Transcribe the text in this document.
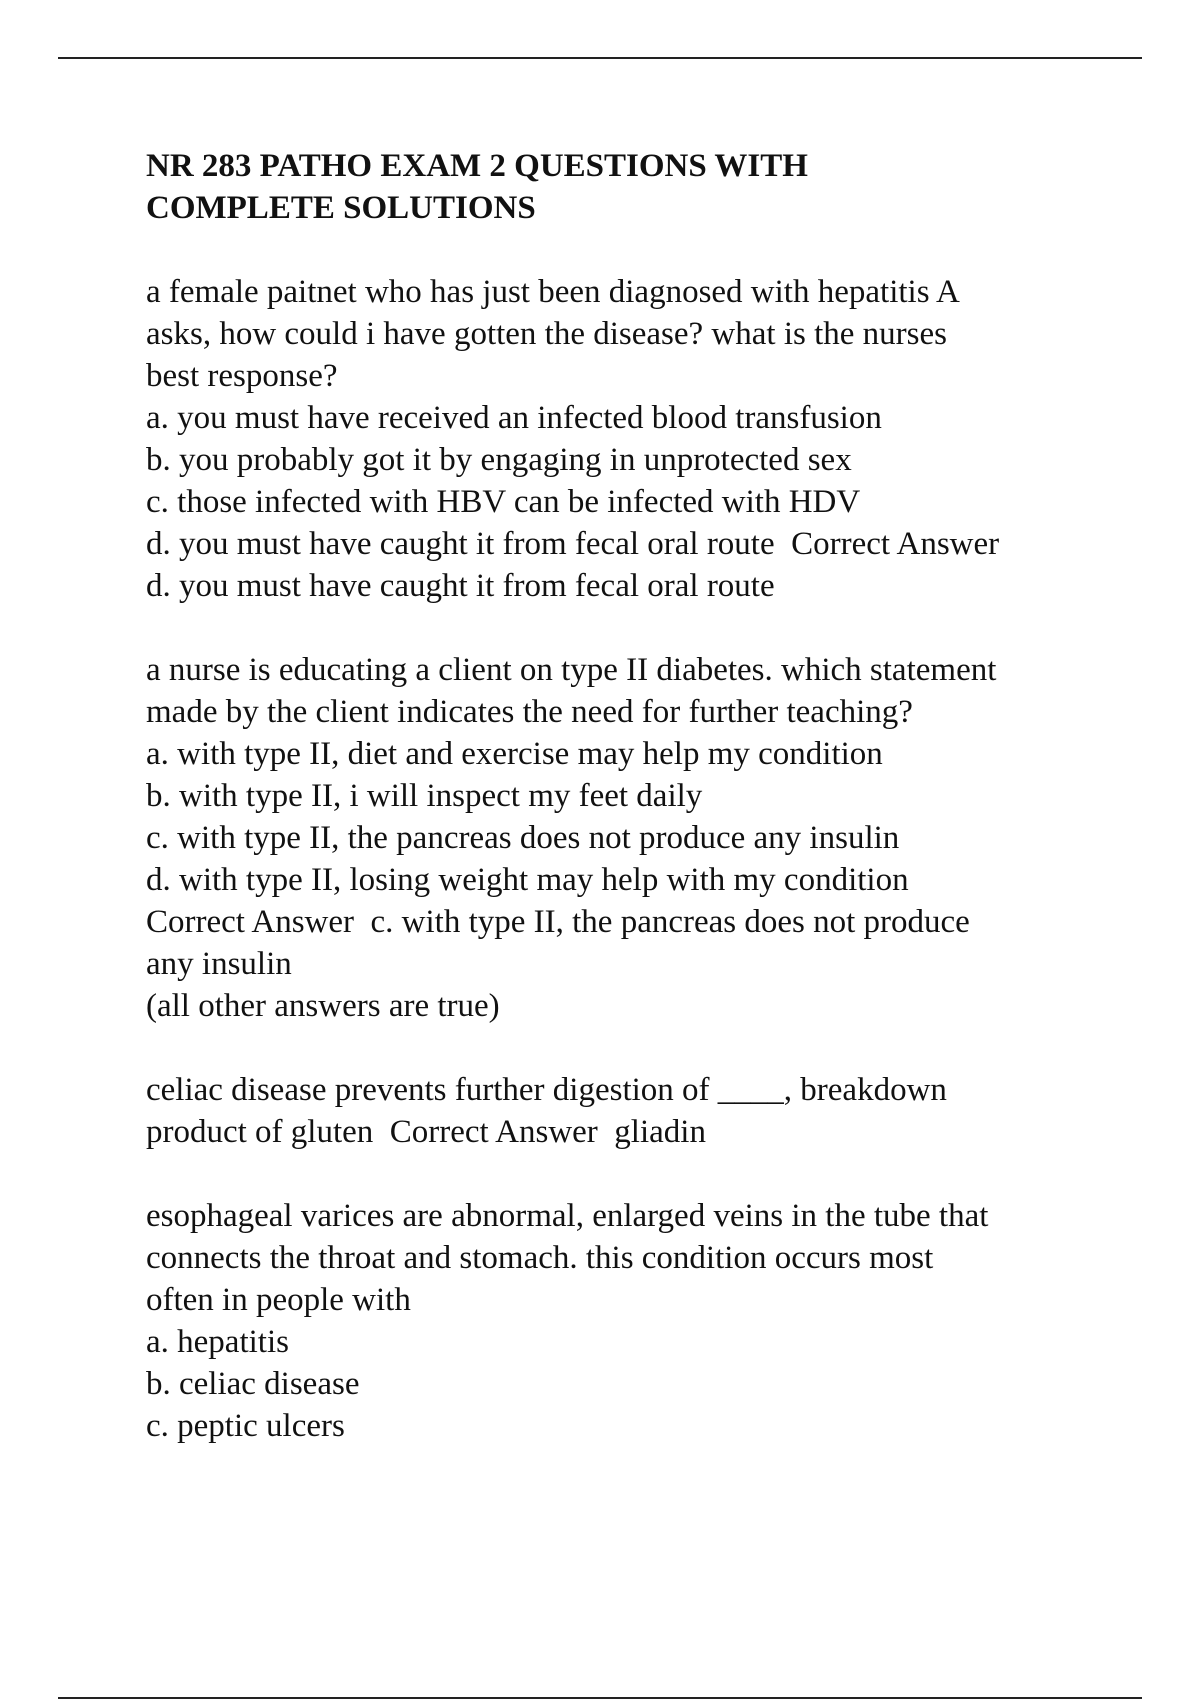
NR 283 PATHO EXAM 2 QUESTIONS WITH
COMPLETE SOLUTIONS
a female paitnet who has just been diagnosed with hepatitis A
asks, how could i have gotten the disease? what is the nurses
best response?
a. you must have received an infected blood transfusion
b. you probably got it by engaging in unprotected sex
c. those infected with HBV can be infected with HDV
d. you must have caught it from fecal oral route  Correct Answer
d. you must have caught it from fecal oral route
a nurse is educating a client on type II diabetes. which statement
made by the client indicates the need for further teaching?
a. with type II, diet and exercise may help my condition
b. with type II, i will inspect my feet daily
c. with type II, the pancreas does not produce any insulin
d. with type II, losing weight may help with my condition
Correct Answer  c. with type II, the pancreas does not produce
any insulin
(all other answers are true)
celiac disease prevents further digestion of ____, breakdown
product of gluten  Correct Answer  gliadin
esophageal varices are abnormal, enlarged veins in the tube that
connects the throat and stomach. this condition occurs most
often in people with
a. hepatitis
b. celiac disease
c. peptic ulcers
